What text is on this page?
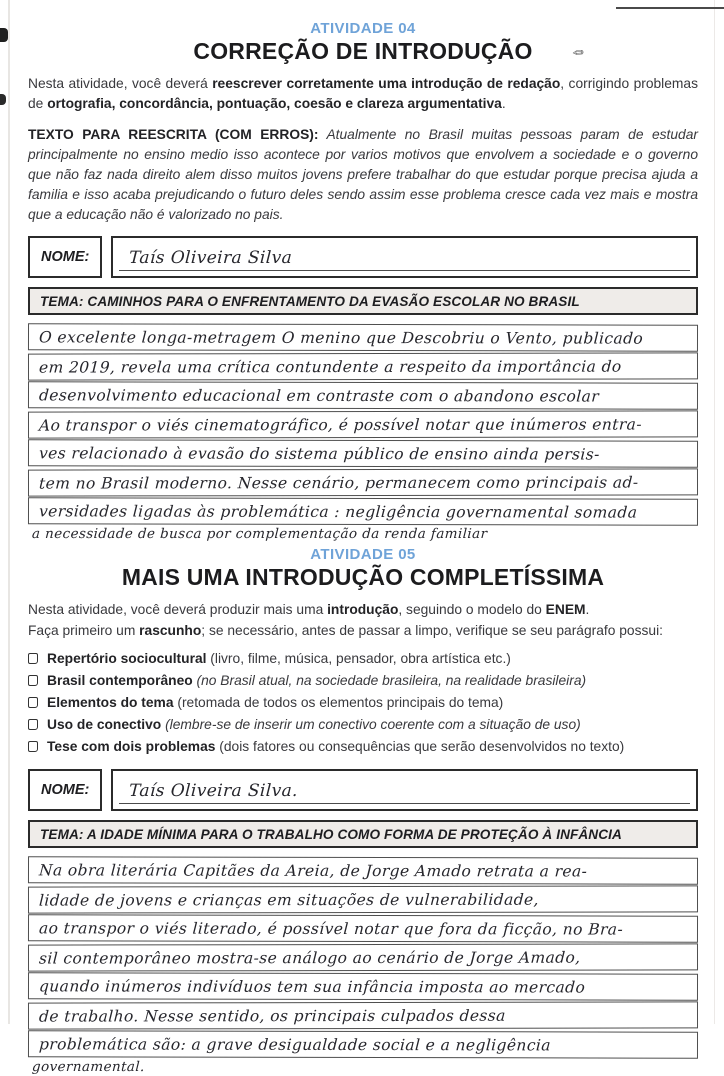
ATIVIDADE 04
CORREÇÃO DE INTRODUÇÃO	✎

Nesta atividade, você deverá reescrever corretamente uma introdução de redação, corrigindo problemas de ortografia, concordância, pontuação, coesão e clareza argumentativa.

TEXTO PARA REESCRITA (COM ERROS): Atualmente no Brasil muitas pessoas param de estudar principalmente no ensino medio isso acontece por varios motivos que envolvem a sociedade e o governo que não faz nada direito alem disso muitos jovens prefere trabalhar do que estudar porque precisa ajuda a familia e isso acaba prejudicando o futuro deles sendo assim esse problema cresce cada vez mais e mostra que a educação não é valorizado no pais.

NOME:	Taís Oliveira Silva
TEMA: CAMINHOS PARA O ENFRENTAMENTO DA EVASÃO ESCOLAR NO BRASIL
O excelente longa-metragem O menino que Descobriu o Vento, publicado
em 2019, revela uma crítica contundente a respeito da importância do
desenvolvimento educacional em contraste com o abandono escolar
Ao transpor o viés cinematográfico, é possível notar que inúmeros entra-
ves relacionado à evasão do sistema público de ensino ainda persis-
tem no Brasil moderno. Nesse cenário, permanecem como principais ad-
versidades ligadas às problemática : negligência governamental somada
a necessidade de busca por complementação da renda familiar
ATIVIDADE 05
MAIS UMA INTRODUÇÃO COMPLETÍSSIMA
Nesta atividade, você deverá produzir mais uma introdução, seguindo o modelo do ENEM.
Faça primeiro um rascunho; se necessário, antes de passar a limpo, verifique se seu parágrafo possui:
Repertório sociocultural (livro, filme, música, pensador, obra artística etc.)
Brasil contemporâneo (no Brasil atual, na sociedade brasileira, na realidade brasileira)
Elementos do tema (retomada de todos os elementos principais do tema)
Uso de conectivo (lembre-se de inserir um conectivo coerente com a situação de uso)
Tese com dois problemas (dois fatores ou consequências que serão desenvolvidos no texto)
NOME:	Taís Oliveira Silva.
TEMA: A IDADE MÍNIMA PARA O TRABALHO COMO FORMA DE PROTEÇÃO À INFÂNCIA
Na obra literária Capitães da Areia, de Jorge Amado retrata a rea-
lidade de jovens e crianças em situações de vulnerabilidade,
ao transpor o viés literado, é possível notar que fora da ficção, no Bra-
sil contemporâneo mostra-se análogo ao cenário de Jorge Amado,
quando inúmeros indivíduos tem sua infância imposta ao mercado
de trabalho. Nesse sentido, os principais culpados dessa
problemática são: a grave desigualdade social e a negligência
governamental.
